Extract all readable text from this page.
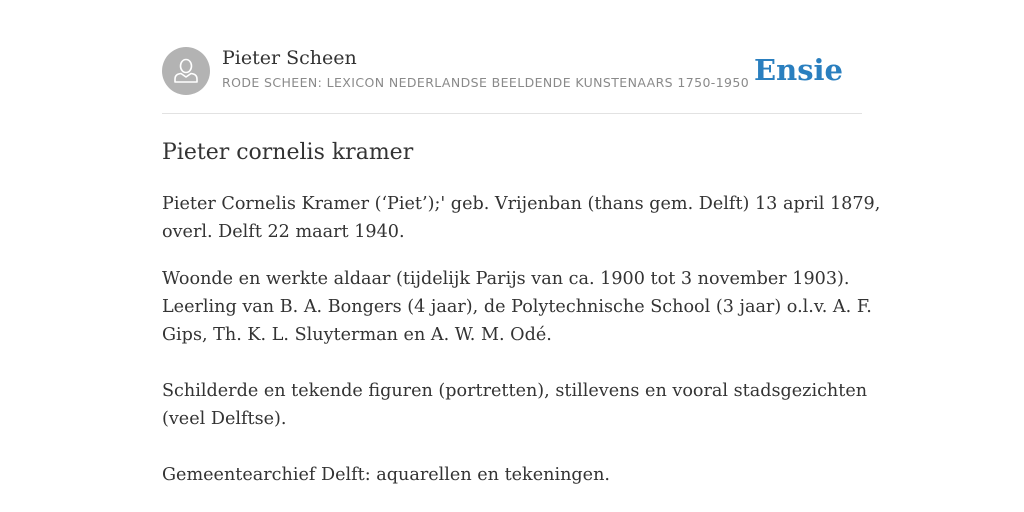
Pieter Scheen
RODE SCHEEN: LEXICON NEDERLANDSE BEELDENDE KUNSTENAARS 1750-1950 Ensie
Pieter cornelis kramer
Pieter Cornelis Kramer (‘Piet’);' geb. Vrijenban (thans gem. Delft) 13 april 1879,
overl. Delft 22 maart 1940.
Woonde en werkte aldaar (tijdelijk Parijs van ca. 1900 tot 3 november 1903).
Leerling van B. A. Bongers (4 jaar), de Polytechnische School (3 jaar) o.l.v. A. F.
Gips, Th. K. L. Sluyterman en A. W. M. Odé.
Schilderde en tekende figuren (portretten), stillevens en vooral stadsgezichten
(veel Delftse).
Gemeentearchief Delft: aquarellen en tekeningen.
